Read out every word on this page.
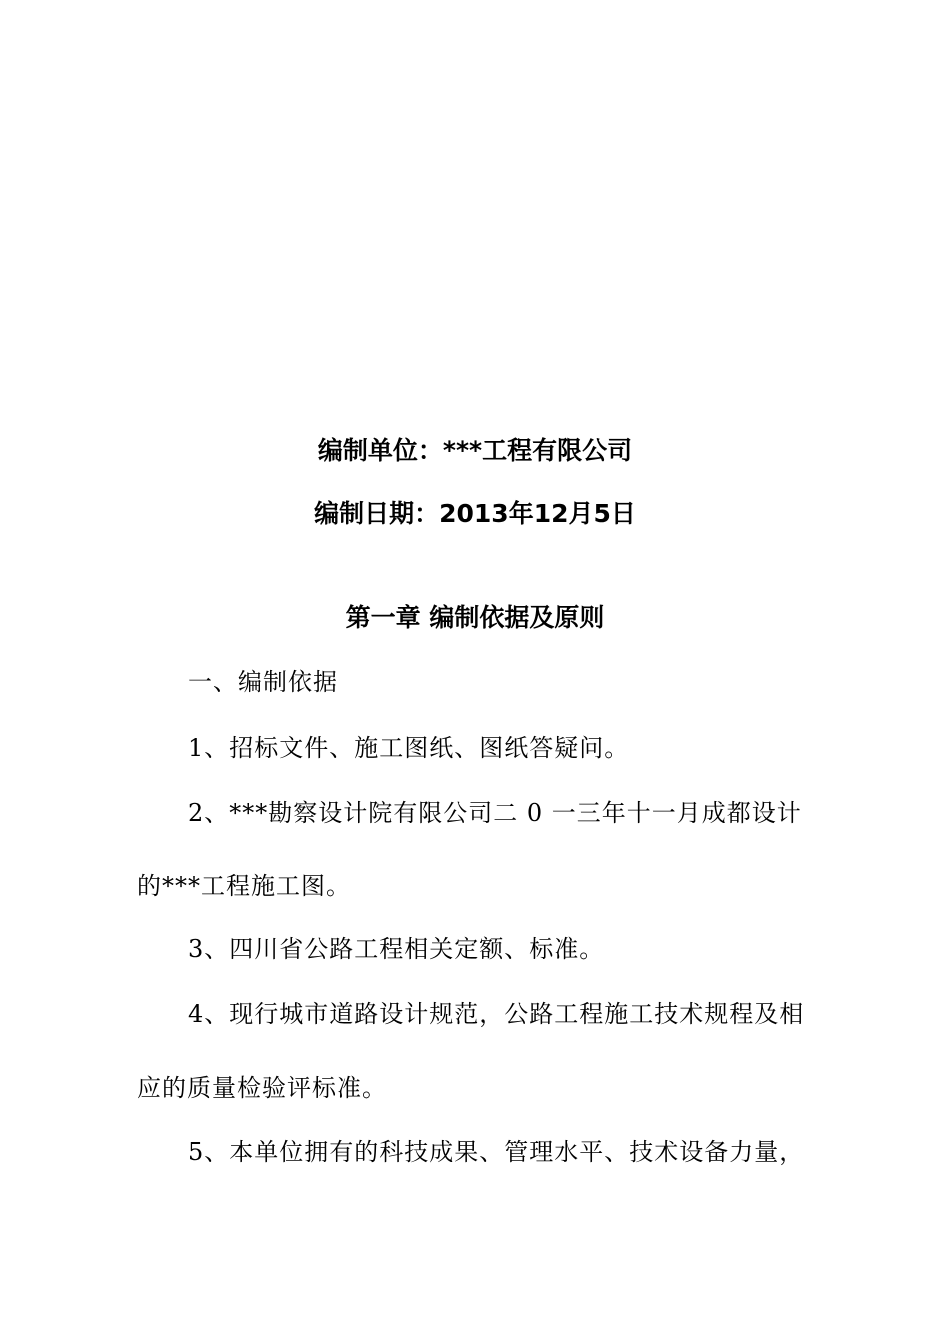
编制单位：***工程有限公司
编制日期：2013年12月5日
第一章 编制依据及原则
一、编制依据
1、招标文件、施工图纸、图纸答疑问。
2、***勘察设计院有限公司二 0 一三年十一月成都设计
的***工程施工图。
3、四川省公路工程相关定额、标准。
4、现行城市道路设计规范，公路工程施工技术规程及相
应的质量检验评标准。
5、本单位拥有的科技成果、管理水平、技术设备力量，
